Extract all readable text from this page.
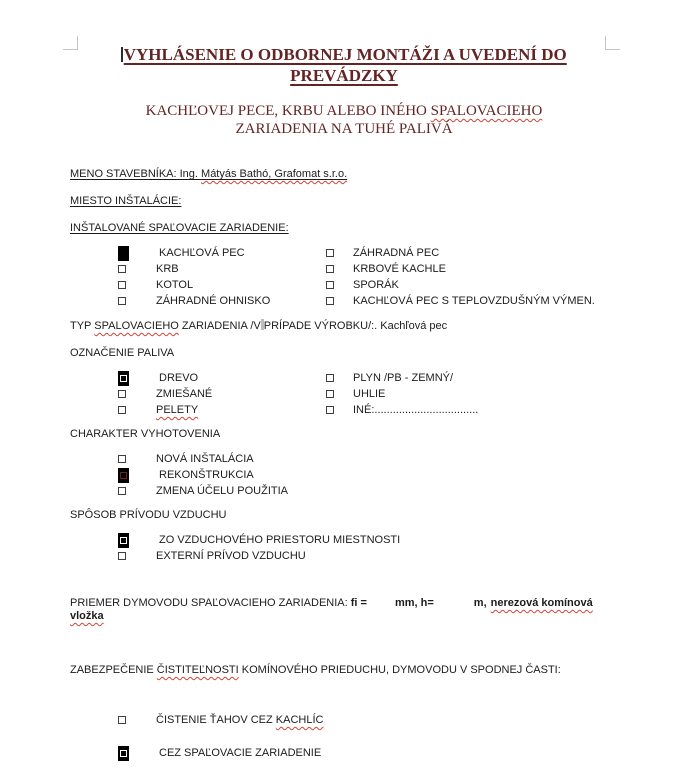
VYHLÁSENIE O ODBORNEJ MONTÁŽI A UVEDENÍ DO PREVÁDZKY
KACHĽOVEJ PECE, KRBU ALEBO INÉHO SPALOVACIEHO ZARIADENIA NA TUHÉ PALIVÁ

MENO STAVEBNÍKA: Ing. Mátyás Bathó, Grafomat s.r.o.

MIESTO INŠTALÁCIE:

INŠTALOVANÉ SPAĽOVACIE ZARIADENIE:

KACHĽOVÁ PEC	ZÁHRADNÁ PEC
KRB	KRBOVÉ KACHLE
KOTOL	SPORÁK
ZÁHRADNÉ OHNISKO	KACHĽOVÁ PEC S TEPLOVZDUŠNÝM VÝMEN.

TYP SPALOVACIEHO ZARIADENIA /V PRÍPADE VÝROBKU/:. Kachľová pec

OZNAČENIE PALIVA

DREVO	PLYN /PB - ZEMNÝ/
ZMIEŠANÉ	UHLIE
PELETY	INÉ:..................................

CHARAKTER VYHOTOVENIA

NOVÁ INŠTALÁCIA
REKONŠTRUKCIA
ZMENA ÚČELU POUŽITIA

SPÔSOB PRÍVODU VZDUCHU

ZO VZDUCHOVÉHO PRIESTORU MIESTNOSTI
EXTERNÍ PRÍVOD VZDUCHU

PRIEMER DYMOVODU SPAĽOVACIEHO ZARIADENIA: fi =	mm, h=	m, nerezová komínová vložka

ZABEZPEČENIE ČISTITEĽNOSTI KOMÍNOVÉHO PRIEDUCHU, DYMOVODU V SPODNEJ ČASTI:

ČISTENIE ŤAHOV CEZ KACHLÍC
CEZ SPAĽOVACIE ZARIADENIE
